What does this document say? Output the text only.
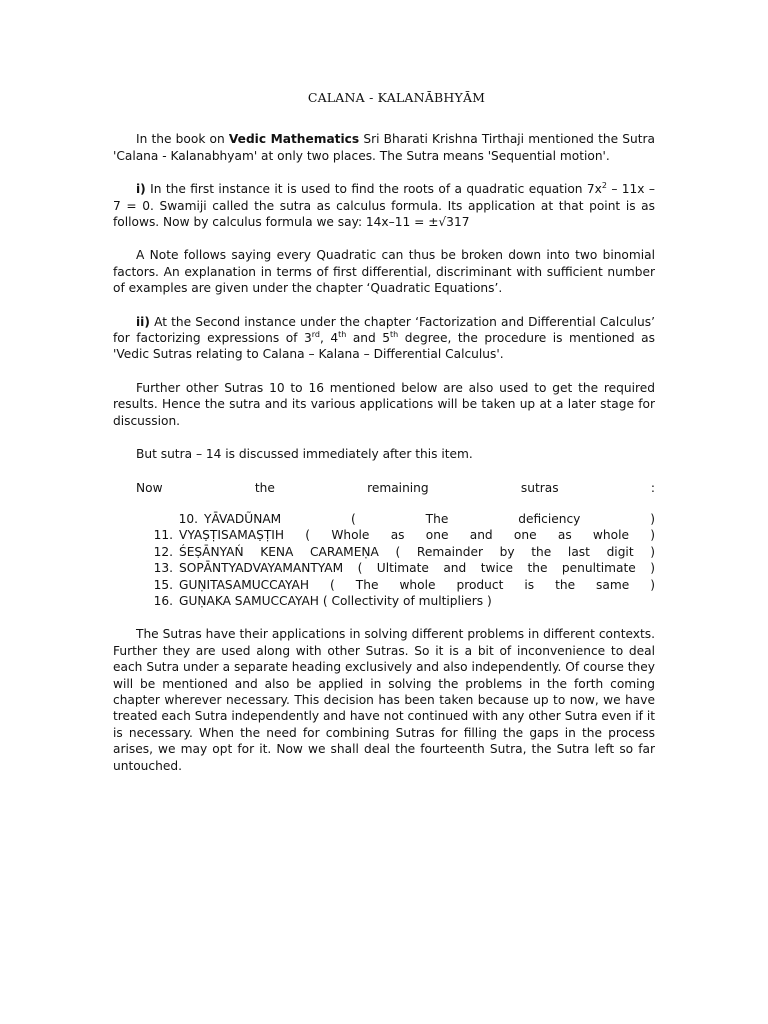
CALANA - KALANĀBHYĀM

In the book on Vedic Mathematics Sri Bharati Krishna Tirthaji mentioned the Sutra 'Calana - Kalanabhyam' at only two places. The Sutra means 'Sequential motion'.

i) In the first instance it is used to find the roots of a quadratic equation $7x^2 - 11x - 7 = 0$. Swamiji called the sutra as calculus formula. Its application at that point is as follows. Now by calculus formula we say: 14x–11 = ±√317

A Note follows saying every Quadratic can thus be broken down into two binomial factors. An explanation in terms of first differential, discriminant with sufficient number of examples are given under the chapter ‘Quadratic Equations’.

ii) At the Second instance under the chapter ‘Factorization and Differential Calculus’ for factorizing expressions of 3rd, 4th and 5th degree, the procedure is mentioned as 'Vedic Sutras relating to Calana – Kalana – Differential Calculus'.

Further other Sutras 10 to 16 mentioned below are also used to get the required results. Hence the sutra and its various applications will be taken up at a later stage for discussion.

But sutra – 14 is discussed immediately after this item.

Now the remaining sutras :
10. YĀVADŨNAM ( The deficiency )
11. VYAṢṬISAMAṢṬIH ( Whole as one and one as whole )
12. ŚEṢĀNYAŃ KENA CARAMEṆA ( Remainder by the last digit )
13. SOPĀNTYADVAYAMANTYAM ( Ultimate and twice the penultimate )
15. GUṆITASAMUCCAYAH ( The whole product is the same )
16. GUṆAKA SAMUCCAYAH ( Collectivity of multipliers )

The Sutras have their applications in solving different problems in different contexts. Further they are used along with other Sutras. So it is a bit of inconvenience to deal each Sutra under a separate heading exclusively and also independently. Of course they will be mentioned and also be applied in solving the problems in the forth coming chapter wherever necessary. This decision has been taken because up to now, we have treated each Sutra independently and have not continued with any other Sutra even if it is necessary. When the need for combining Sutras for filling the gaps in the process arises, we may opt for it. Now we shall deal the fourteenth Sutra, the Sutra left so far untouched.
